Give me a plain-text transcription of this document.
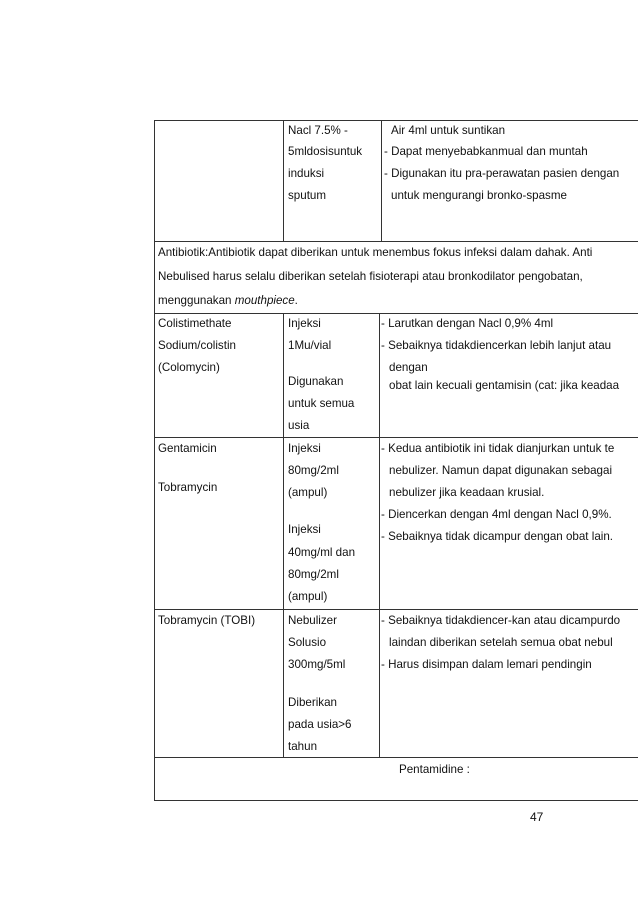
Nacl 7.5% -
5mldosisuntuk
induksi
sputum
Air 4ml untuk suntikan
- Dapat menyebabkanmual dan muntah
- Digunakan itu pra-perawatan pasien dengan
untuk mengurangi bronko-spasme
Antibiotik:Antibiotik dapat diberikan untuk menembus fokus infeksi dalam dahak. Anti
Nebulised harus selalu diberikan setelah fisioterapi atau bronkodilator pengobatan,
menggunakan mouthpiece.
Colistimethate
Sodium/colistin
(Colomycin)
Injeksi
1Mu/vial
Digunakan
untuk semua
usia
- Larutkan dengan Nacl 0,9% 4ml
- Sebaiknya tidakdiencerkan lebih lanjut atau
dengan
obat lain kecuali gentamisin (cat: jika keadaa
Gentamicin
Tobramycin
Injeksi
80mg/2ml
(ampul)
Injeksi
40mg/ml dan
80mg/2ml
(ampul)
- Kedua antibiotik ini tidak dianjurkan untuk te
nebulizer. Namun dapat digunakan sebagai
nebulizer jika keadaan krusial.
- Diencerkan dengan 4ml dengan Nacl 0,9%.
- Sebaiknya tidak dicampur dengan obat lain.
Tobramycin (TOBI)	Nebulizer
Solusio
300mg/5ml
Diberikan
pada usia>6
tahun
- Sebaiknya tidakdiencer-kan atau dicampurdo
laindan diberikan setelah semua obat nebul
- Harus disimpan dalam lemari pendingin
Pentamidine :
47
